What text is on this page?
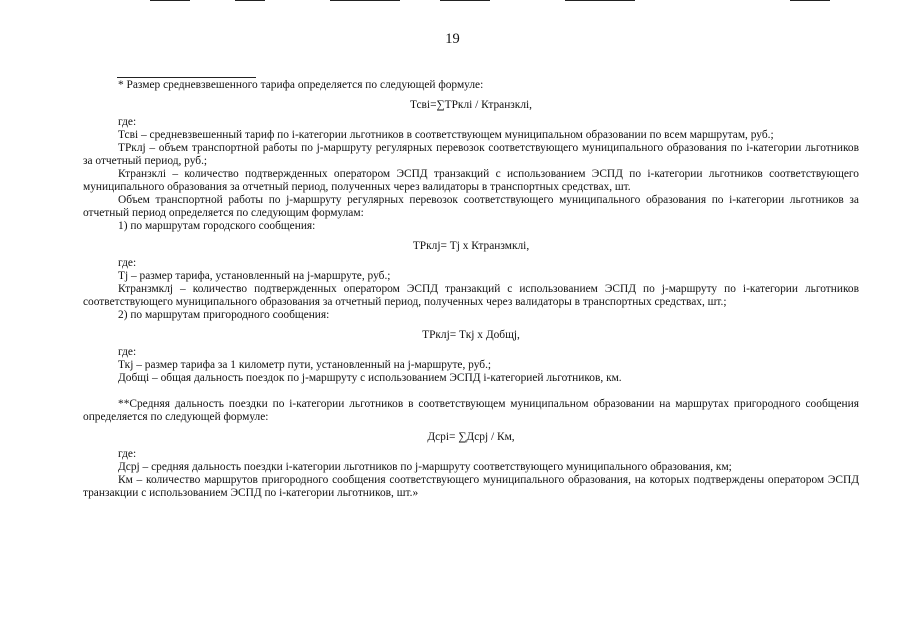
19
* Размер средневзвешенного тарифа определяется по следующей формуле:
Тсвi=∑ТРклi / Ктранзклi,
где:
Тсвi – средневзвешенный тариф по i-категории льготников в соответствующем муниципальном образовании по всем маршрутам, руб.;
ТРклj – объем транспортной работы по j-маршруту регулярных перевозок соответствующего муниципального образования по i-категории льготников за отчетный период, руб.;
Ктранзклi – количество подтвержденных оператором ЭСПД транзакций с использованием ЭСПД по i-категории льготников соответствующего муниципального образования за отчетный период, полученных через валидаторы в транспортных средствах, шт.
Объем транспортной работы по j-маршруту регулярных перевозок соответствующего муниципального образования по i-категории льготников за отчетный период определяется по следующим формулам:
1) по маршрутам городского сообщения:
ТРклj= Тj x Ктранзмклi,
где:
Тj – размер тарифа, установленный на j-маршруте, руб.;
Ктранзмклj – количество подтвержденных оператором ЭСПД транзакций с использованием ЭСПД по j-маршруту по i-категории льготников соответствующего муниципального образования за отчетный период, полученных через валидаторы в транспортных средствах, шт.;
2) по маршрутам пригородного сообщения:
ТРклj= Ткj x Добщj,
где:
Ткj – размер тарифа за 1 километр пути, установленный на j-маршруте, руб.;
Добщi – общая дальность поездок по j-маршруту с использованием ЭСПД i-категорией льготников, км.
**Средняя дальность поездки по i-категории льготников в соответствующем муниципальном образовании на маршрутах пригородного сообщения определяется по следующей формуле:
Дсрi= ∑Дсрj / Км,
где:
Дсрj – средняя дальность поездки i-категории льготников по j-маршруту соответствующего муниципального образования, км;
Км – количество маршрутов пригородного сообщения соответствующего муниципального образования, на которых подтверждены оператором ЭСПД транзакции с использованием ЭСПД по i-категории льготников, шт.»
